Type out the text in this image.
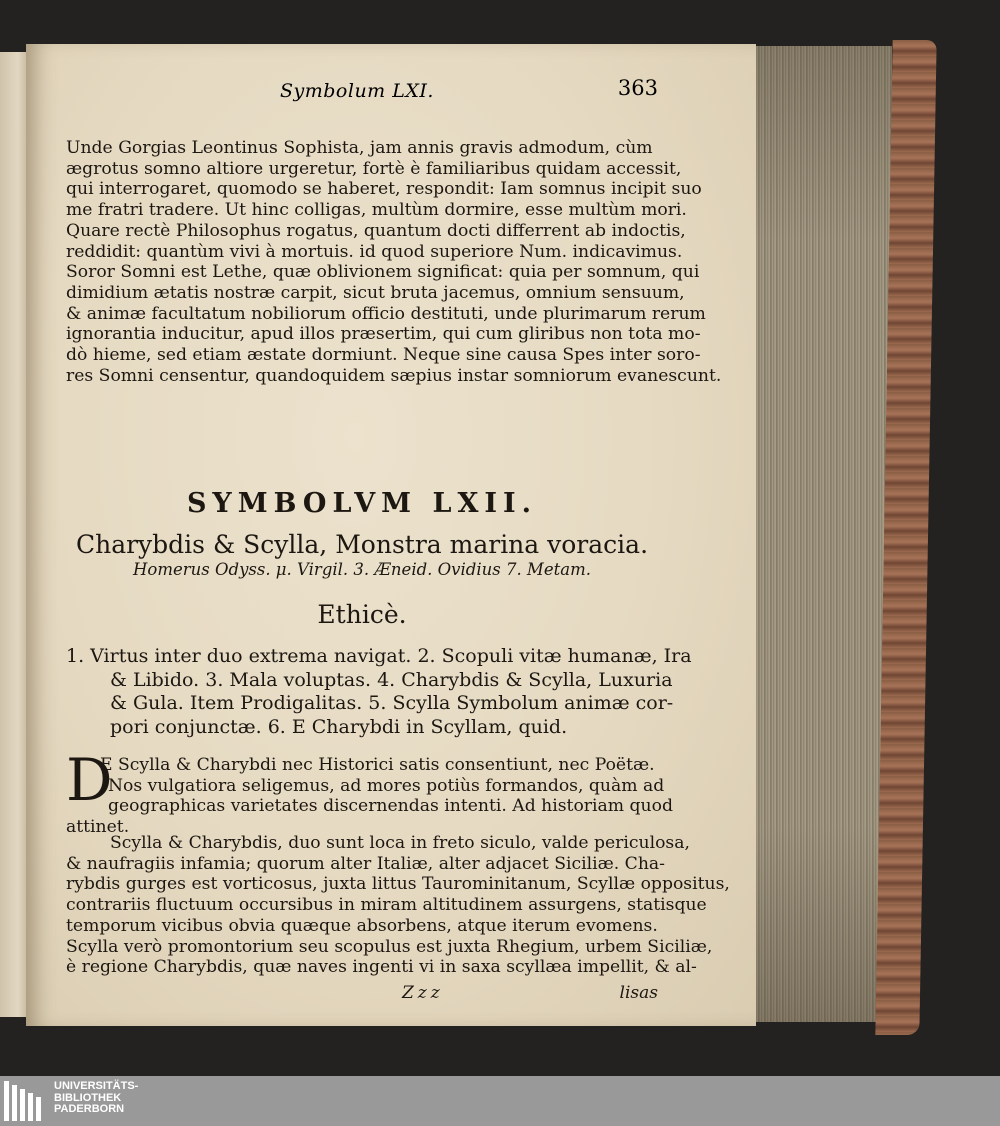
Symbolum LXI.	363
Unde Gorgias Leontinus Sophista, jam annis gravis admodum, cùm
ægrotus somno altiore urgeretur, fortè è familiaribus quidam accessit,
qui interrogaret, quomodo se haberet, respondit: Iam somnus incipit suo
me fratri tradere. Ut hinc colligas, multùm dormire, esse multùm mori.
Quare rectè Philosophus rogatus, quantum docti differrent ab indoctis,
reddidit: quantùm vivi à mortuis. id quod superiore Num. indicavimus.
Soror Somni est Lethe, quæ oblivionem significat: quia per somnum, qui
dimidium ætatis nostræ carpit, sicut bruta jacemus, omnium sensuum,
& animæ facultatum nobiliorum officio destituti, unde plurimarum rerum
ignorantia inducitur, apud illos præsertim, qui cum gliribus non tota mo-
dò hieme, sed etiam æstate dormiunt. Neque sine causa Spes inter soro-
res Somni censentur, quandoquidem sæpius instar somniorum evanescunt.
SYMBOLVM LXII.
Charybdis & Scylla, Monstra marina voracia.
Homerus Odyss. μ. Virgil. 3. Æneid. Ovidius 7. Metam.
Ethicè.
1. Virtus inter duo extrema navigat. 2. Scopuli vitæ humanæ, Ira
& Libido. 3. Mala voluptas. 4. Charybdis & Scylla, Luxuria
& Gula. Item Prodigalitas. 5. Scylla Symbolum animæ cor-
pori conjunctæ. 6. E Charybdi in Scyllam, quid.
D
E Scylla & Charybdi nec Historici satis consentiunt, nec Poëtæ.
Nos vulgatiora seligemus, ad mores potiùs formandos, quàm ad
geographicas varietates discernendas intenti. Ad historiam quod
attinet.
Scylla & Charybdis, duo sunt loca in freto siculo, valde periculosa,
& naufragiis infamia; quorum alter Italiæ, alter adjacet Siciliæ. Cha-
rybdis gurges est vorticosus, juxta littus Taurominitanum, Scyllæ oppositus,
contrariis fluctuum occursibus in miram altitudinem assurgens, statisque
temporum vicibus obvia quæque absorbens, atque iterum evomens.
Scylla verò promontorium seu scopulus est juxta Rhegium, urbem Siciliæ,
è regione Charybdis, quæ naves ingenti vi in saxa scyllæa impellit, & al-
Zzz	lisas
UNIVERSITÄTS-
BIBLIOTHEK
PADERBORN
